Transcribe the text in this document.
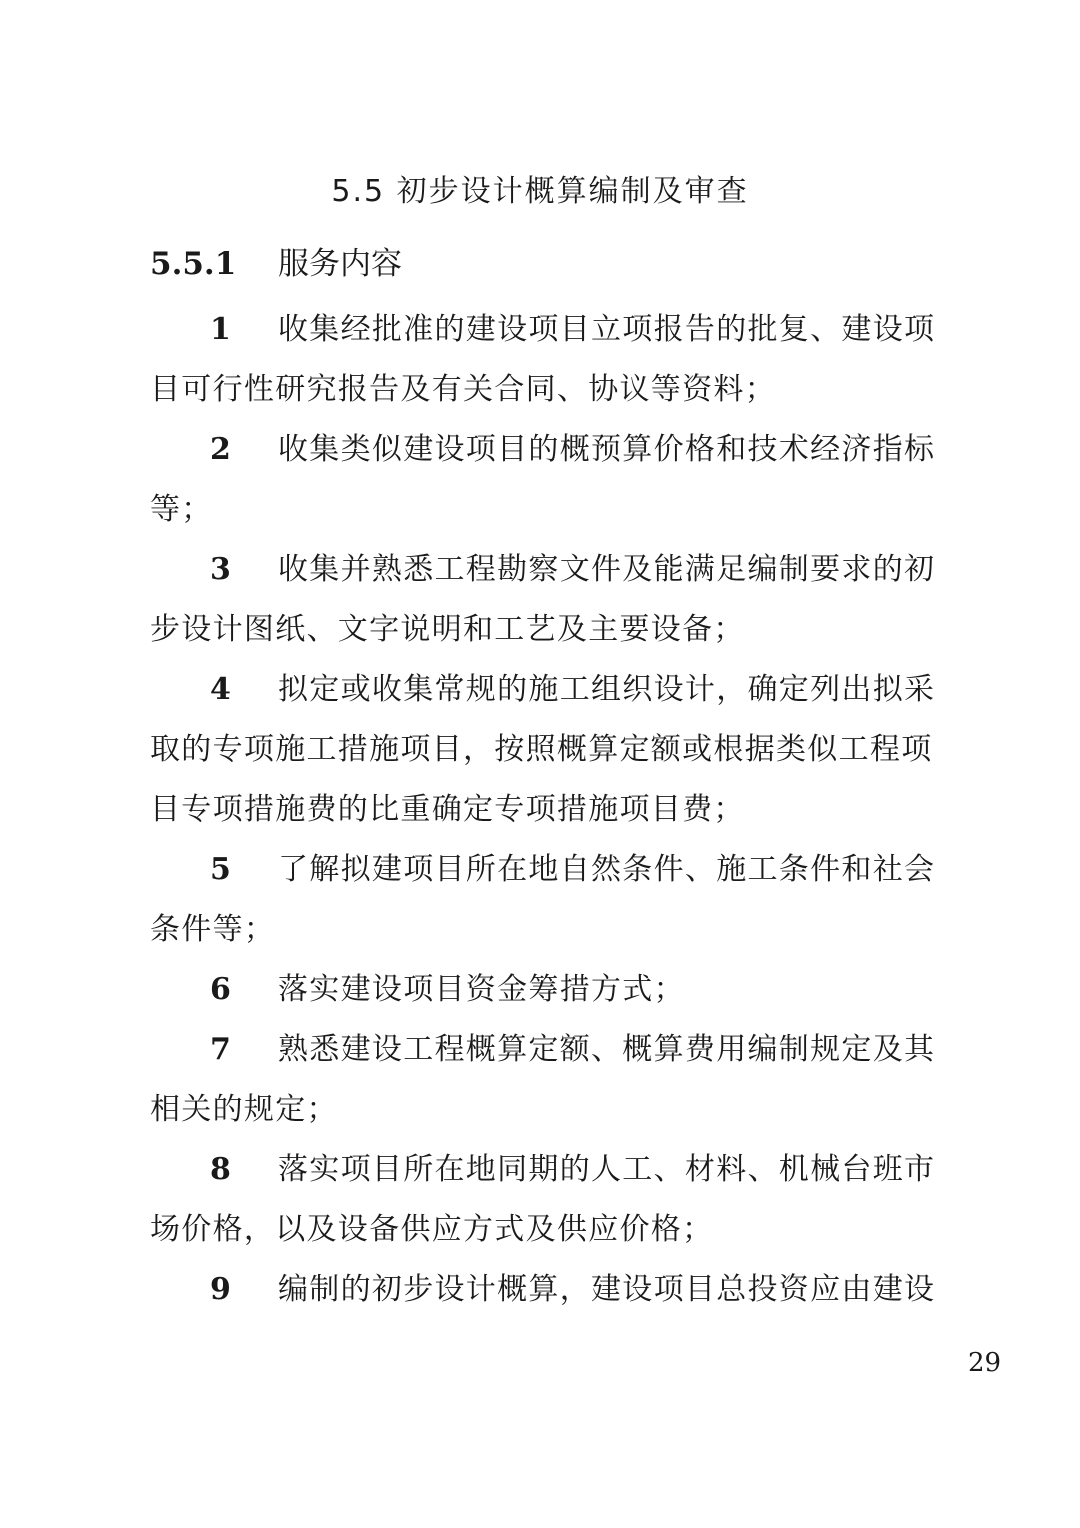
5.5 初步设计概算编制及审查
5.5.1 服务内容
1 收集经批准的建设项目立项报告的批复、建设项
目可行性研究报告及有关合同、协议等资料；
2 收集类似建设项目的概预算价格和技术经济指标
等；
3 收集并熟悉工程勘察文件及能满足编制要求的初
步设计图纸、文字说明和工艺及主要设备；
4 拟定或收集常规的施工组织设计，确定列出拟采
取的专项施工措施项目，按照概算定额或根据类似工程项
目专项措施费的比重确定专项措施项目费；
5 了解拟建项目所在地自然条件、施工条件和社会
条件等；
6 落实建设项目资金筹措方式；
7 熟悉建设工程概算定额、概算费用编制规定及其
相关的规定；
8 落实项目所在地同期的人工、材料、机械台班市
场价格，以及设备供应方式及供应价格；
9 编制的初步设计概算，建设项目总投资应由建设
29
